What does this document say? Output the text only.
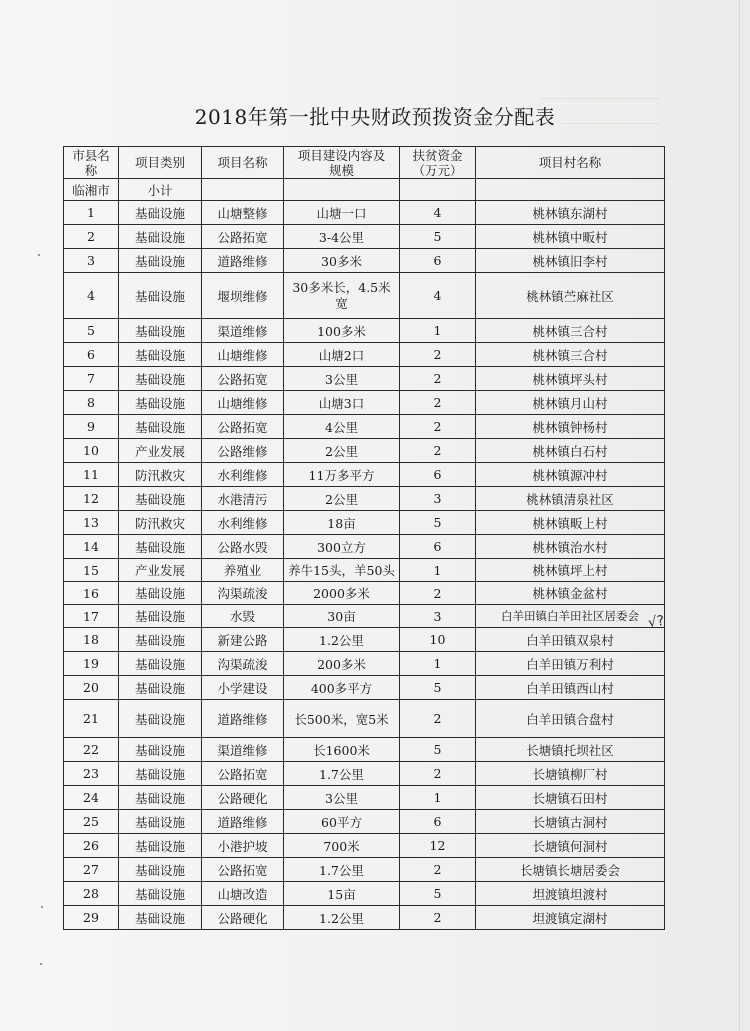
2018年第一批中央财政预拨资金分配表
市县名
称	项目类别	项目名称	项目建设内容及
规模	扶贫资金
（万元）	项目村名称
临湘市	小计				
1	基础设施	山塘整修	山塘一口	4	桃林镇东湖村
2	基础设施	公路拓宽	3-4公里	5	桃林镇中畈村
3	基础设施	道路维修	30多米	6	桃林镇旧李村
4	基础设施	堰坝维修	30多米长，4.5米
宽	4	桃林镇苎麻社区
5	基础设施	渠道维修	100多米	1	桃林镇三合村
6	基础设施	山塘维修	山塘2口	2	桃林镇三合村
7	基础设施	公路拓宽	3公里	2	桃林镇坪头村
8	基础设施	山塘维修	山塘3口	2	桃林镇月山村
9	基础设施	公路拓宽	4公里	2	桃林镇钟杨村
10	产业发展	公路维修	2公里	2	桃林镇白石村
11	防汛救灾	水利维修	11万多平方	6	桃林镇源冲村
12	基础设施	水港清污	2公里	3	桃林镇清泉社区
13	防汛救灾	水利维修	18亩	5	桃林镇畈上村
14	基础设施	公路水毁	300立方	6	桃林镇治水村
15	产业发展	养殖业	养牛15头，羊50头	1	桃林镇坪上村
16	基础设施	沟渠疏浚	2000多米	2	桃林镇金盆村
17	基础设施	水毁	30亩	3	白羊田镇白羊田社区居委会
18	基础设施	新建公路	1.2公里	10	白羊田镇双泉村
19	基础设施	沟渠疏浚	200多米	1	白羊田镇万利村
20	基础设施	小学建设	400多平方	5	白羊田镇西山村
21	基础设施	道路维修	长500米，宽5米	2	白羊田镇合盘村
22	基础设施	渠道维修	长1600米	5	长塘镇托坝社区
23	基础设施	公路拓宽	1.7公里	2	长塘镇柳厂村
24	基础设施	公路硬化	3公里	1	长塘镇石田村
25	基础设施	道路维修	60平方	6	长塘镇古洞村
26	基础设施	小港护坡	700米	12	长塘镇何洞村
27	基础设施	公路拓宽	1.7公里	2	长塘镇长塘居委会
28	基础设施	山塘改造	15亩	5	坦渡镇坦渡村
29	基础设施	公路硬化	1.2公里	2	坦渡镇定湖村
√?
